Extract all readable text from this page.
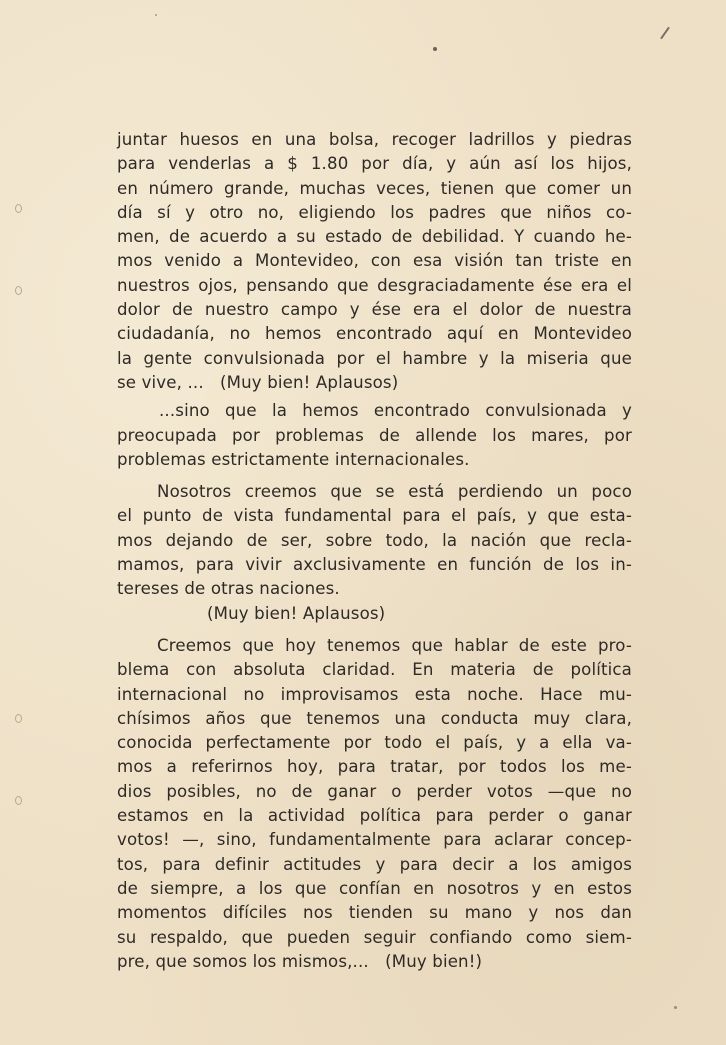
juntar huesos en una bolsa, recoger ladrillos y piedras
para venderlas a $ 1.80 por día, y aún así los hijos,
en número grande, muchas veces, tienen que comer un
día sí y otro no, eligiendo los padres que niños co-
men, de acuerdo a su estado de debilidad. Y cuando he-
mos venido a Montevideo, con esa visión tan triste en
nuestros ojos, pensando que desgraciadamente ése era el
dolor de nuestro campo y ése era el dolor de nuestra
ciudadanía, no hemos encontrado aquí en Montevideo
la gente convulsionada por el hambre y la miseria que
se vive, ...   (Muy bien! Aplausos)
...sino que la hemos encontrado convulsionada y
preocupada por problemas de allende los mares, por
problemas estrictamente internacionales.
Nosotros creemos que se está perdiendo un poco
el punto de vista fundamental para el país, y que esta-
mos dejando de ser, sobre todo, la nación que recla-
mamos, para vivir axclusivamente en función de los in-
tereses de otras naciones.
(Muy bien! Aplausos)
Creemos que hoy tenemos que hablar de este pro-
blema con absoluta claridad. En materia de política
internacional no improvisamos esta noche. Hace mu-
chísimos años que tenemos una conducta muy clara,
conocida perfectamente por todo el país, y a ella va-
mos a referirnos hoy, para tratar, por todos los me-
dios posibles, no de ganar o perder votos —que no
estamos en la actividad política para perder o ganar
votos! —, sino, fundamentalmente para aclarar concep-
tos, para definir actitudes y para decir a los amigos
de siempre, a los que confían en nosotros y en estos
momentos difíciles nos tienden su mano y nos dan
su respaldo, que pueden seguir confiando como siem-
pre, que somos los mismos,...   (Muy bien!)
